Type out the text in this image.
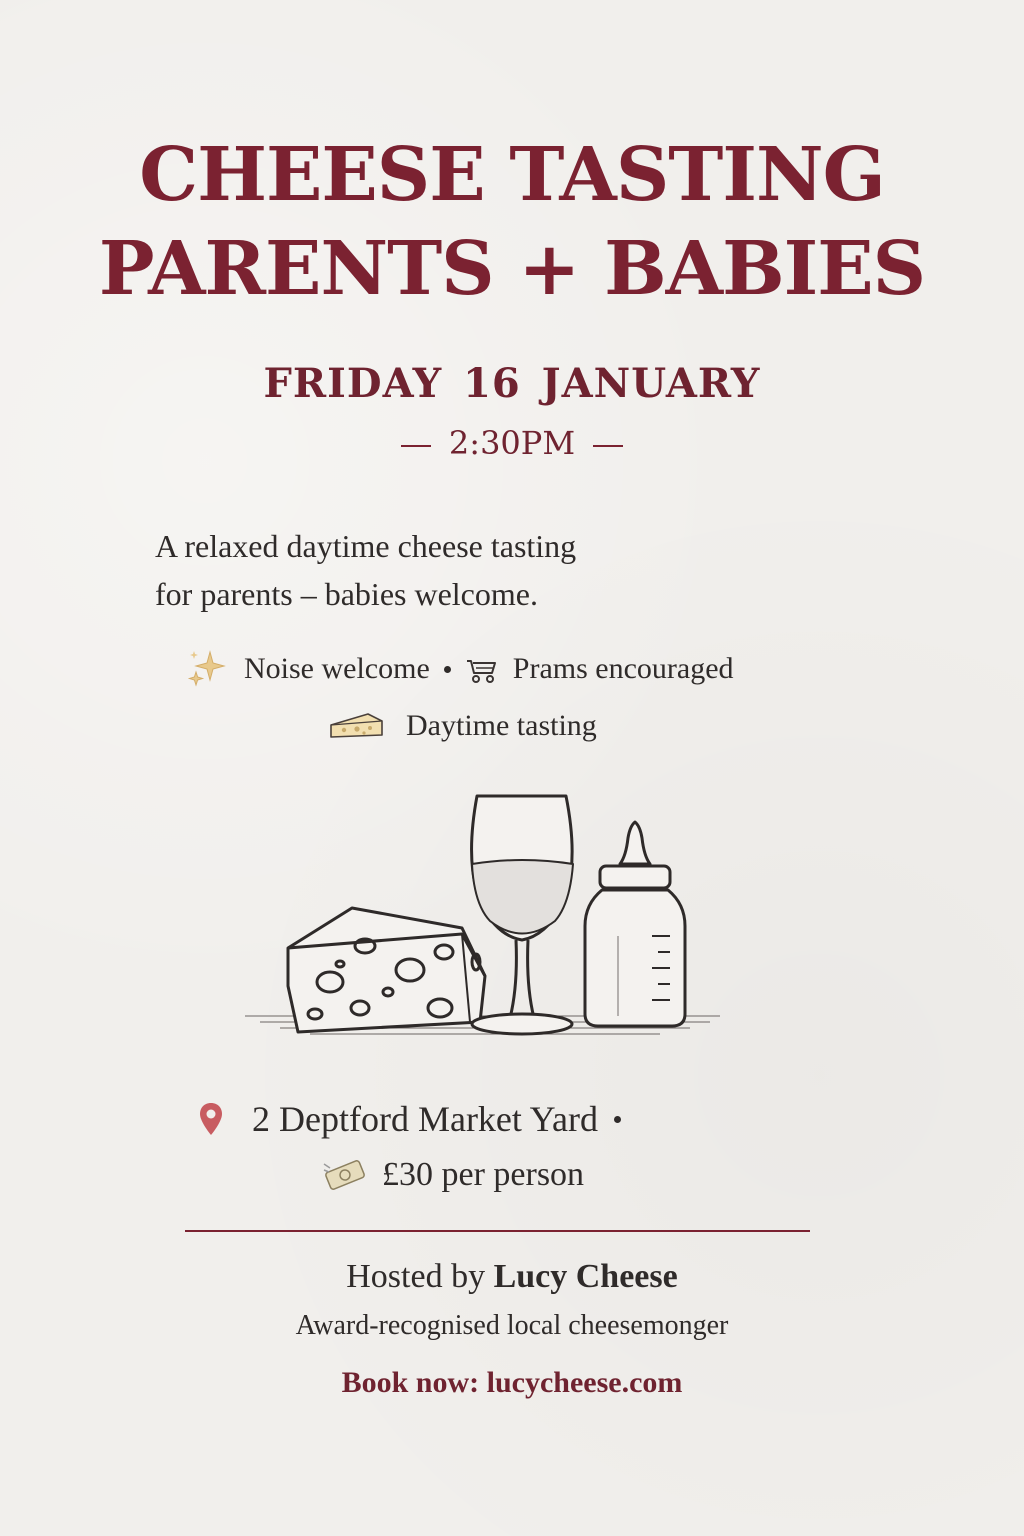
CHEESE TASTING
PARENTS + BABIES
FRIDAY 16 JANUARY
2:30PM
A relaxed daytime cheese tasting
for parents – babies welcome.
Noise welcome	Prams encouraged
Daytime tasting
2 Deptford Market Yard
£30 per person
Hosted by Lucy Cheese
Award-recognised local cheesemonger
Book now: lucycheese.com
